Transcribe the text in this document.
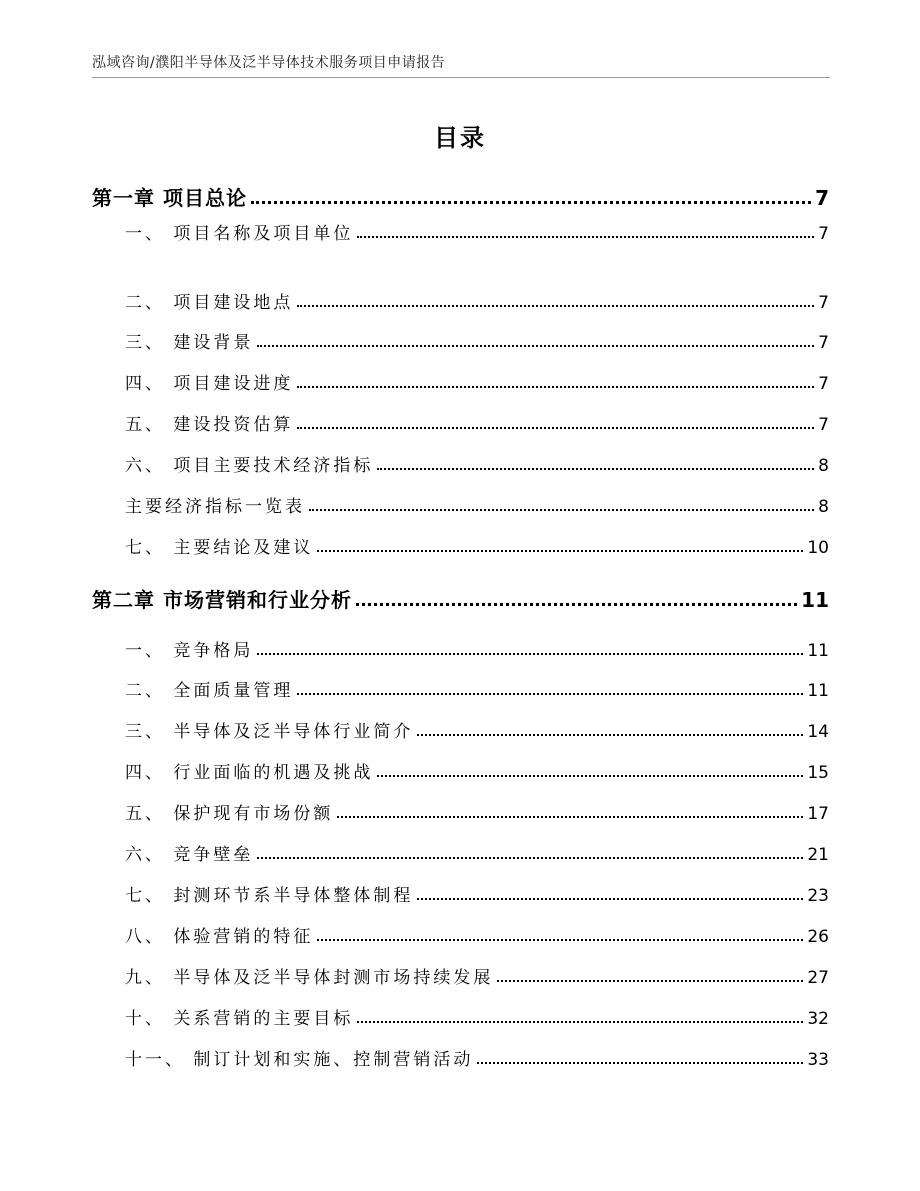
泓域咨询/濮阳半导体及泛半导体技术服务项目申请报告
目录
第一章 项目总论	7
一、 项目名称及项目单位	7
二、 项目建设地点	7
三、 建设背景	7
四、 项目建设进度	7
五、 建设投资估算	7
六、 项目主要技术经济指标	8
主要经济指标一览表	8
七、 主要结论及建议	10
第二章 市场营销和行业分析	11
一、 竞争格局	11
二、 全面质量管理	11
三、 半导体及泛半导体行业简介	14
四、 行业面临的机遇及挑战	15
五、 保护现有市场份额	17
六、 竞争壁垒	21
七、 封测环节系半导体整体制程	23
八、 体验营销的特征	26
九、 半导体及泛半导体封测市场持续发展	27
十、 关系营销的主要目标	32
十一、 制订计划和实施、控制营销活动	33
